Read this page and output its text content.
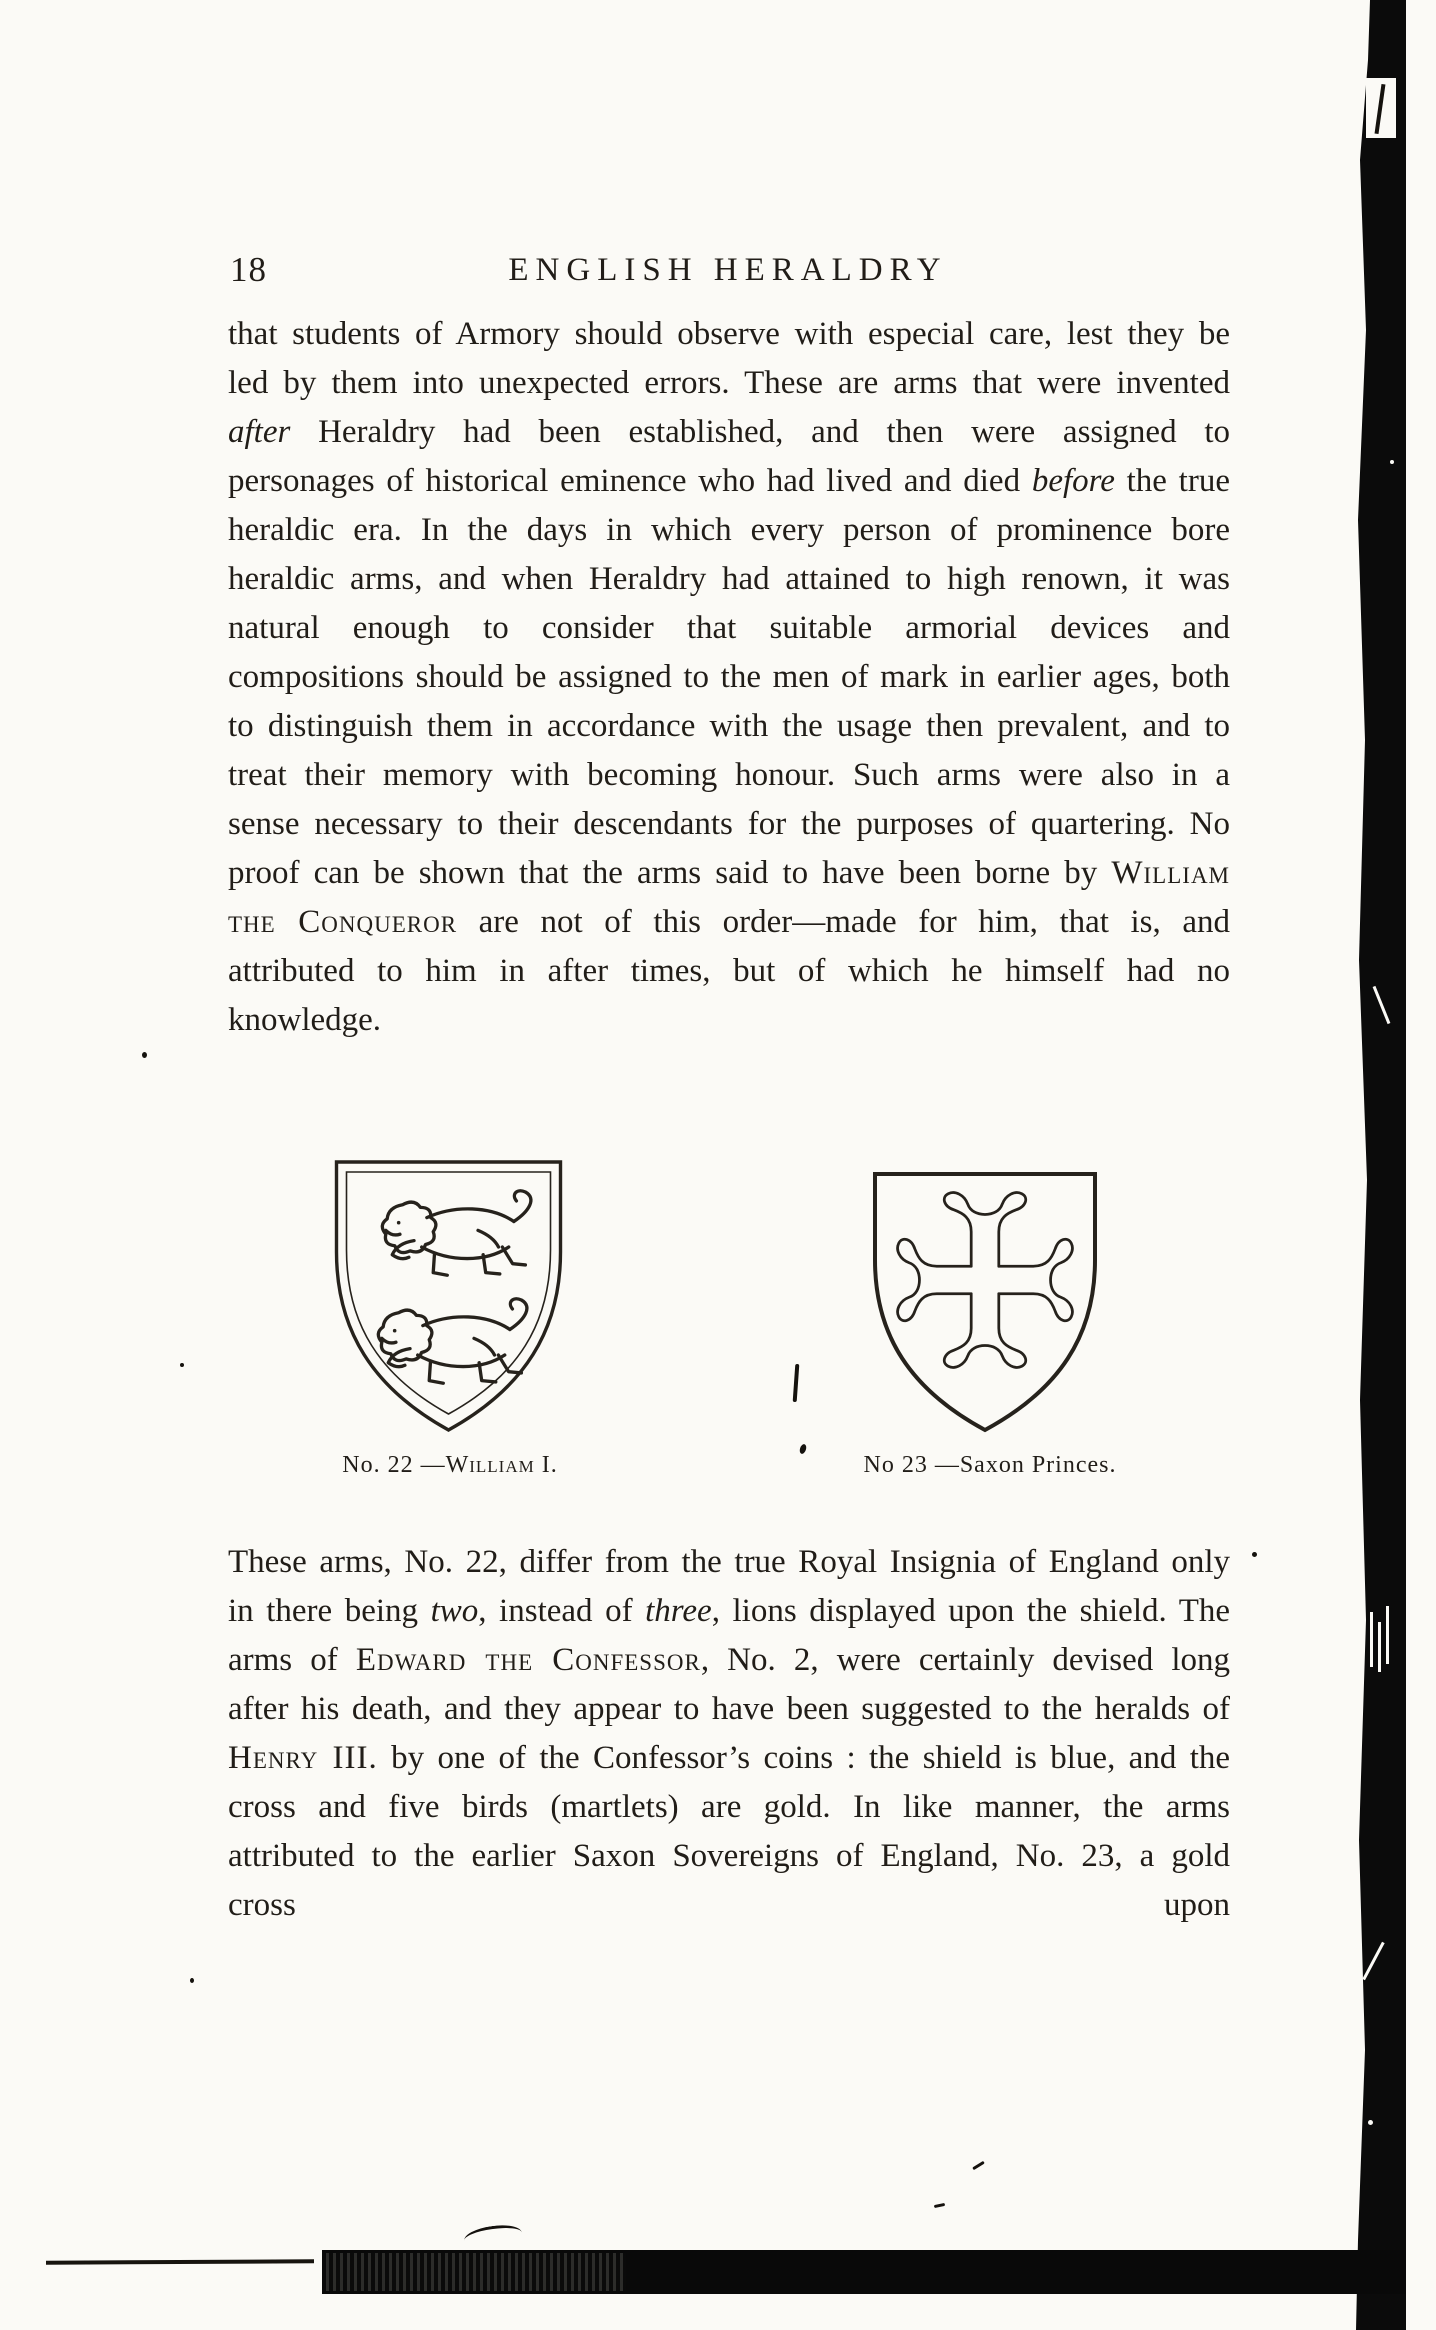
18	ENGLISH HERALDRY
that students of Armory should observe with especial care, lest they be led by them into unexpected errors. These are arms that were invented after Heraldry had been established, and then were assigned to personages of historical eminence who had lived and died before the true heraldic era. In the days in which every person of prominence bore heraldic arms, and when Heraldry had attained to high renown, it was natural enough to consider that suitable armorial devices and compositions should be assigned to the men of mark in earlier ages, both to distinguish them in accordance with the usage then prevalent, and to treat their memory with becoming honour. Such arms were also in a sense necessary to their descendants for the purposes of quartering. No proof can be shown that the arms said to have been borne by William the Conqueror are not of this order—made for him, that is, and attributed to him in after times, but of which he himself had no knowledge.
No. 22 —William I.	No 23 —Saxon Princes.
These arms, No. 22, differ from the true Royal Insignia of England only in there being two, instead of three, lions displayed upon the shield. The arms of Edward the Confessor, No. 2, were certainly devised long after his death, and they appear to have been suggested to the heralds of Henry III. by one of the Confessor’s coins : the shield is blue, and the cross and five birds (martlets) are gold. In like manner, the arms attributed to the earlier Saxon Sovereigns of England, No. 23, a gold cross upon
